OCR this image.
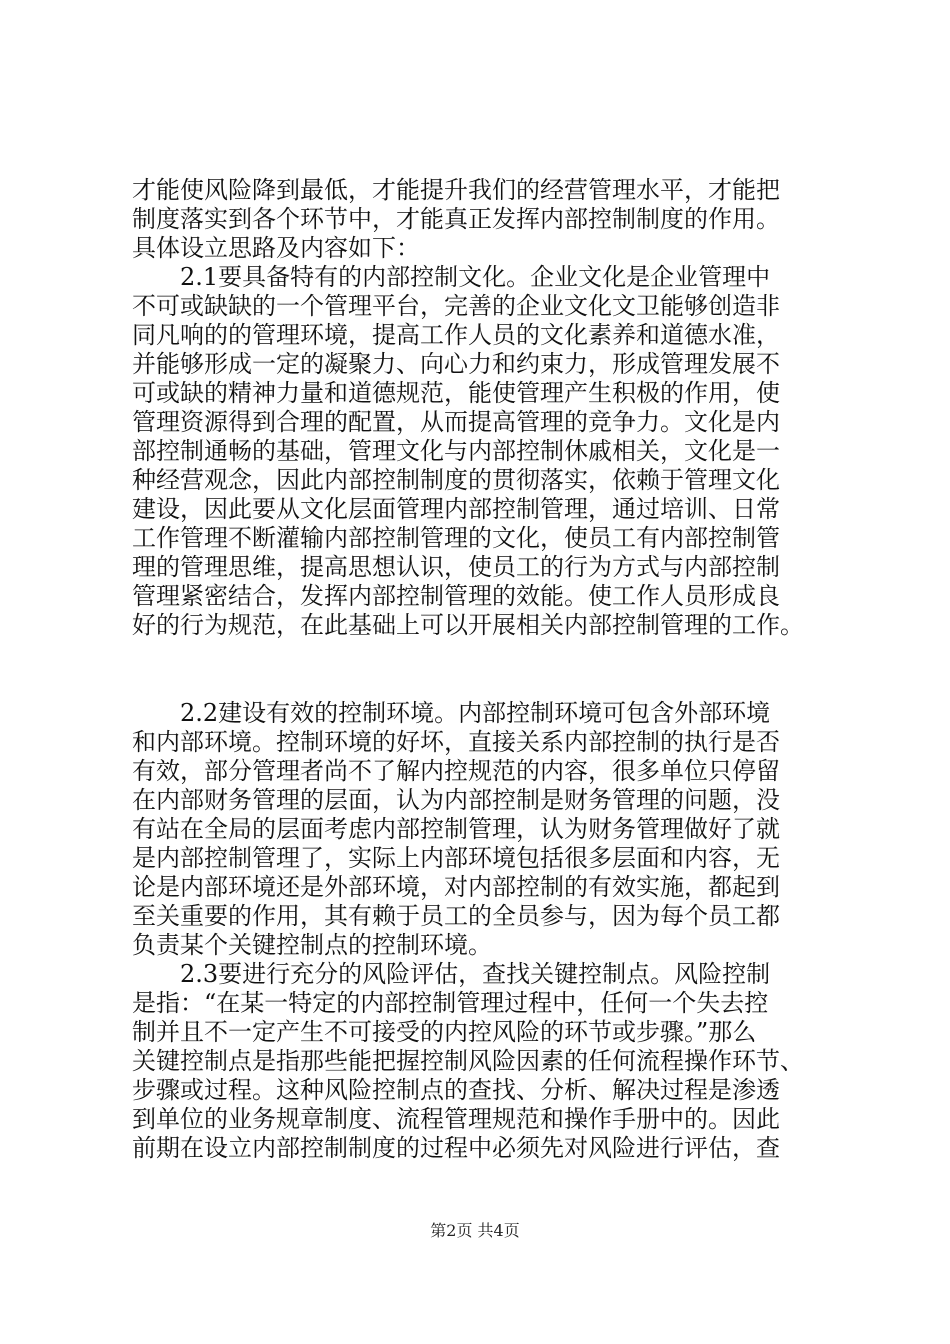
才能使风险降到最低，才能提升我们的经营管理水平，才能把
制度落实到各个环节中，才能真正发挥内部控制制度的作用。
具体设立思路及内容如下：
2.1要具备特有的内部控制文化。企业文化是企业管理中
不可或缺缺的一个管理平台，完善的企业文化文卫能够创造非
同凡响的的管理环境，提高工作人员的文化素养和道德水准，
并能够形成一定的凝聚力、向心力和约束力，形成管理发展不
可或缺的精神力量和道德规范，能使管理产生积极的作用，使
管理资源得到合理的配置，从而提高管理的竞争力。文化是内
部控制通畅的基础，管理文化与内部控制休戚相关，文化是一
种经营观念，因此内部控制制度的贯彻落实，依赖于管理文化
建设，因此要从文化层面管理内部控制管理，通过培训、日常
工作管理不断灌输内部控制管理的文化，使员工有内部控制管
理的管理思维，提高思想认识，使员工的行为方式与内部控制
管理紧密结合，发挥内部控制管理的效能。使工作人员形成良
好的行为规范，在此基础上可以开展相关内部控制管理的工作。
2.2建设有效的控制环境。内部控制环境可包含外部环境
和内部环境。控制环境的好坏，直接关系内部控制的执行是否
有效，部分管理者尚不了解内控规范的内容，很多单位只停留
在内部财务管理的层面，认为内部控制是财务管理的问题，没
有站在全局的层面考虑内部控制管理，认为财务管理做好了就
是内部控制管理了，实际上内部环境包括很多层面和内容，无
论是内部环境还是外部环境，对内部控制的有效实施，都起到
至关重要的作用，其有赖于员工的全员参与，因为每个员工都
负责某个关键控制点的控制环境。
2.3要进行充分的风险评估，查找关键控制点。风险控制
是指：“在某一特定的内部控制管理过程中，任何一个失去控
制并且不一定产生不可接受的内控风险的环节或步骤。”那么
关键控制点是指那些能把握控制风险因素的任何流程操作环节、
步骤或过程。这种风险控制点的查找、分析、解决过程是渗透
到单位的业务规章制度、流程管理规范和操作手册中的。因此
前期在设立内部控制制度的过程中必须先对风险进行评估，查
第2页 共4页
